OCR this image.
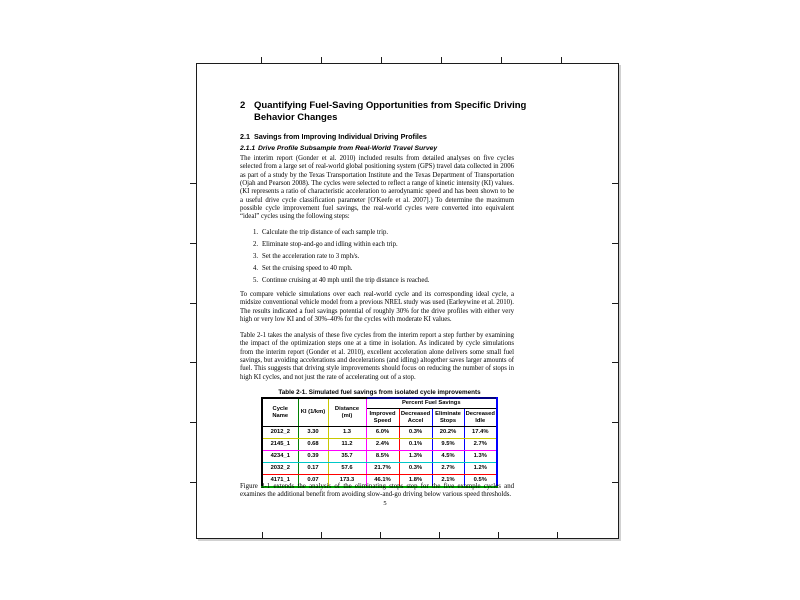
2 Quantifying Fuel-Saving Opportunities from Specific Driving Behavior Changes
2.1 Savings from Improving Individual Driving Profiles
2.1.1 Drive Profile Subsample from Real-World Travel Survey
The interim report (Gonder et al. 2010) included results from detailed analyses on five cycles selected from a large set of real-world global positioning system (GPS) travel data collected in 2006 as part of a study by the Texas Transportation Institute and the Texas Department of Transportation (Ojah and Pearson 2008). The cycles were selected to reflect a range of kinetic intensity (KI) values. (KI represents a ratio of characteristic acceleration to aerodynamic speed and has been shown to be a useful drive cycle classification parameter [O'Keefe et al. 2007].) To determine the maximum possible cycle improvement fuel savings, the real-world cycles were converted into equivalent “ideal” cycles using the following steps:
1. Calculate the trip distance of each sample trip.
2. Eliminate stop-and-go and idling within each trip.
3. Set the acceleration rate to 3 mph/s.
4. Set the cruising speed to 40 mph.
5. Continue cruising at 40 mph until the trip distance is reached.
To compare vehicle simulations over each real-world cycle and its corresponding ideal cycle, a midsize conventional vehicle model from a previous NREL study was used (Earleywine et al. 2010). The results indicated a fuel savings potential of roughly 30% for the drive profiles with either very high or very low KI and of 30%–40% for the cycles with moderate KI values.
Table 2-1 takes the analysis of these five cycles from the interim report a step further by examining the impact of the optimization steps one at a time in isolation. As indicated by cycle simulations from the interim report (Gonder et al. 2010), excellent acceleration alone delivers some small fuel savings, but avoiding accelerations and decelerations (and idling) altogether saves larger amounts of fuel. This suggests that driving style improvements should focus on reducing the number of stops in high KI cycles, and not just the rate of accelerating out of a stop.
Table 2-1. Simulated fuel savings from isolated cycle improvements
Cycle Name	KI (1/km)	Distance (mi)	Percent Fuel Savings			
			Improved Speed	Decreased Accel	Eliminate Stops	Decreased Idle
2012_2	3.30	1.3	6.0%	0.3%	20.2%	17.4%
2145_1	0.68	11.2	2.4%	0.1%	9.5%	2.7%
4234_1	0.39	35.7	8.5%	1.3%	4.5%	1.3%
2032_2	0.17	57.6	21.7%	0.3%	2.7%	1.2%
4171_1	0.07	173.3	46.1%	1.8%	2.1%	0.5%
Figure 2-1 extends the analysis of the eliminating stops step for the five example cycles and examines the additional benefit from avoiding slow-and-go driving below various speed thresholds.
5
